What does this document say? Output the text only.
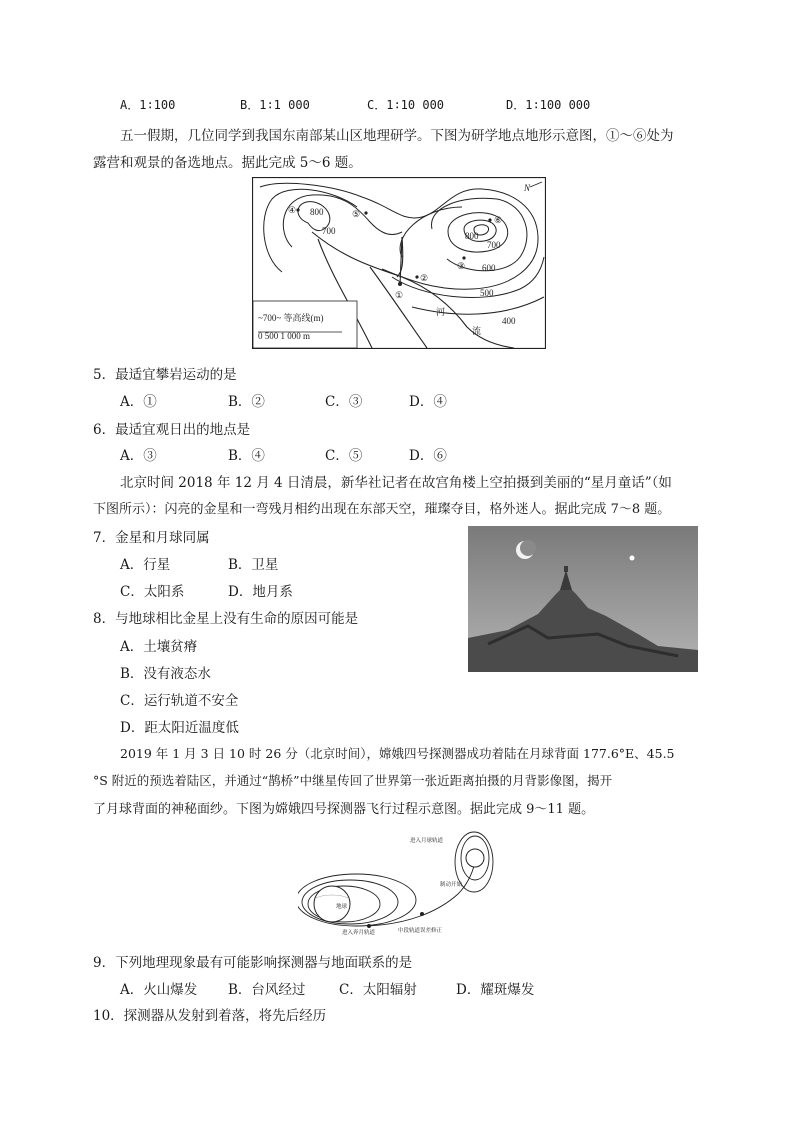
A．1∶100	B．1∶1 000	C．1∶10 000	D．1∶100 000
五一假期，几位同学到我国东南部某山区地理研学。下图为研学地点地形示意图，①～⑥处为
露营和观景的备选地点。据此完成 5～6 题。
①
②
③
④	⑤
⑥
800
700	800
700
600
500
400
河
流
N
~700~ 等高线(m)
0 500 1 000 m
5．最适宜攀岩运动的是
A．①	B．②	C．③	D．④
6．最适宜观日出的地点是
A．③	B．④	C．⑤	D．⑥
北京时间 2018 年 12 月 4 日清晨，新华社记者在故宫角楼上空拍摄到美丽的“星月童话”（如
下图所示）：闪亮的金星和一弯残月相约出现在东部天空，璀璨夺目，格外迷人。据此完成 7～8 题。
7．金星和月球同属
A．行星	B．卫星
C．太阳系	D．地月系
8．与地球相比金星上没有生命的原因可能是
A．土壤贫瘠
B．没有液态水
C．运行轨道不安全
D．距太阳近温度低
2019 年 1 月 3 日 10 时 26 分（北京时间），嫦娥四号探测器成功着陆在月球背面 177.6°E、45.5
°S 附近的预选着陆区，并通过“鹊桥”中继星传回了世界第一张近距离拍摄的月背影像图，揭开
了月球背面的神秘面纱。下图为嫦娥四号探测器飞行过程示意图。据此完成 9～11 题。
进入月球轨道
制动开始
地球
进入奔月轨道	中段轨道误差修正
9．下列地理现象最有可能影响探测器与地面联系的是
A．火山爆发 B．台风经过 C．太阳辐射	D．耀斑爆发
10．探测器从发射到着落，将先后经历
